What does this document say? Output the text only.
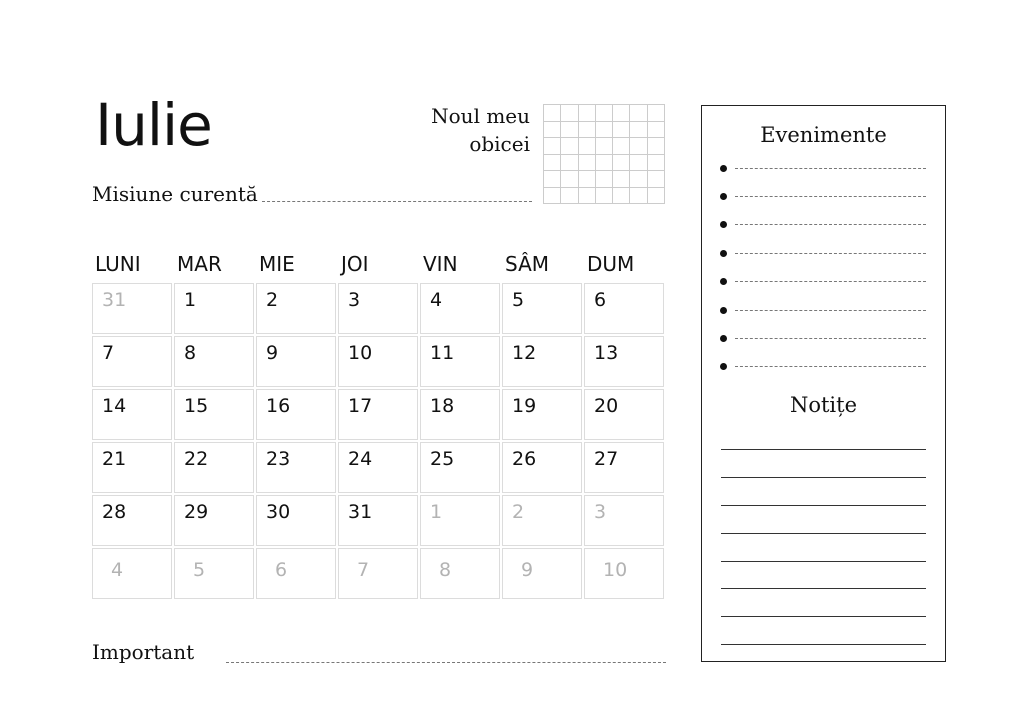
Iulie
Misiune curentă
Noul meu
obicei
LUNI	MAR	MIE	JOI	VIN	SÂM	DUM
31	1	2	3	4	5	6
7	8	9	10	11	12	13
14	15	16	17	18	19	20
21	22	23	24	25	26	27
28	29	30	31	1	2	3
4	5	6	7	8	9	10
Important
Evenimente
Notițe
